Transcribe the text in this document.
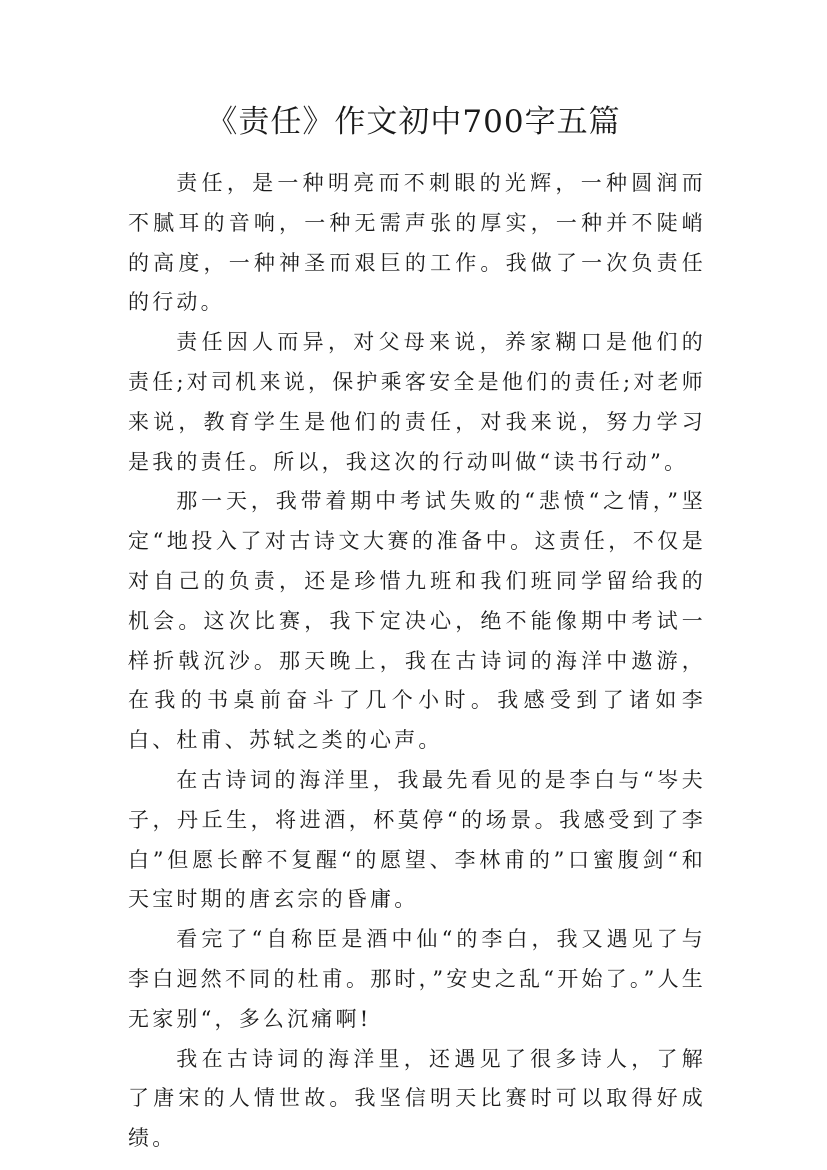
《责任》作文初中700字五篇

责任，是一种明亮而不刺眼的光辉，一种圆润而不腻耳的音响，一种无需声张的厚实，一种并不陡峭的高度，一种神圣而艰巨的工作。我做了一次负责任的行动。

责任因人而异，对父母来说，养家糊口是他们的责任;对司机来说，保护乘客安全是他们的责任;对老师来说，教育学生是他们的责任，对我来说，努力学习是我的责任。所以，我这次的行动叫做“读书行动”。

那一天，我带着期中考试失败的“悲愤“之情，”坚定“地投入了对古诗文大赛的准备中。这责任，不仅是对自己的负责，还是珍惜九班和我们班同学留给我的机会。这次比赛，我下定决心，绝不能像期中考试一样折戟沉沙。那天晚上，我在古诗词的海洋中遨游，在我的书桌前奋斗了几个小时。我感受到了诸如李白、杜甫、苏轼之类的心声。

在古诗词的海洋里，我最先看见的是李白与“岑夫子，丹丘生，将进酒，杯莫停“的场景。我感受到了李白”但愿长醉不复醒“的愿望、李林甫的”口蜜腹剑“和天宝时期的唐玄宗的昏庸。

看完了“自称臣是酒中仙“的李白，我又遇见了与李白迥然不同的杜甫。那时，”安史之乱“开始了。”人生无家别“，多么沉痛啊!

我在古诗词的海洋里，还遇见了很多诗人，了解了唐宋的人情世故。我坚信明天比赛时可以取得好成绩。
